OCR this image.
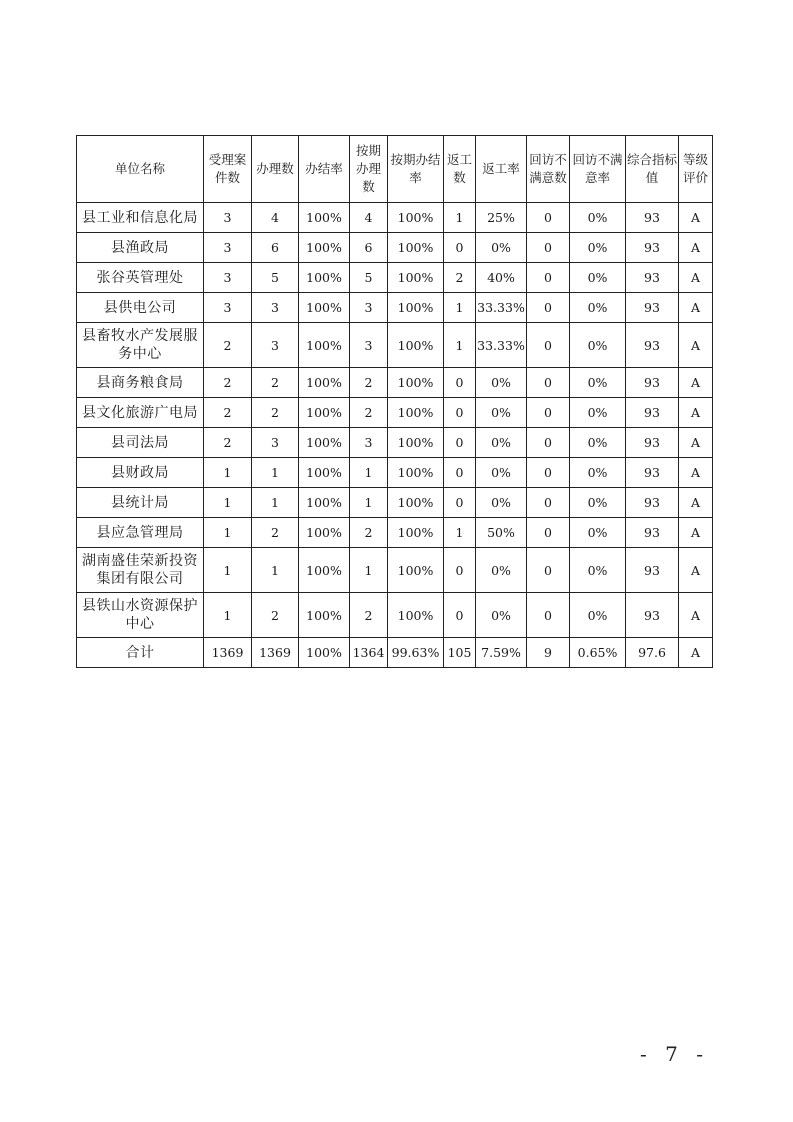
单位名称	受理案件数	办理数	办结率	按期办理数	按期办结率	返工数	返工率	回访不满意数	回访不满意率	综合指标值	等级评价
县工业和信息化局	3	4	100%	4	100%	1	25%	0	0%	93	A
县渔政局	3	6	100%	6	100%	0	0%	0	0%	93	A
张谷英管理处	3	5	100%	5	100%	2	40%	0	0%	93	A
县供电公司	3	3	100%	3	100%	1	33.33%	0	0%	93	A
县畜牧水产发展服务中心	2	3	100%	3	100%	1	33.33%	0	0%	93	A
县商务粮食局	2	2	100%	2	100%	0	0%	0	0%	93	A
县文化旅游广电局	2	2	100%	2	100%	0	0%	0	0%	93	A
县司法局	2	3	100%	3	100%	0	0%	0	0%	93	A
县财政局	1	1	100%	1	100%	0	0%	0	0%	93	A
县统计局	1	1	100%	1	100%	0	0%	0	0%	93	A
县应急管理局	1	2	100%	2	100%	1	50%	0	0%	93	A
湖南盛佳荣新投资集团有限公司	1	1	100%	1	100%	0	0%	0	0%	93	A
县铁山水资源保护中心	1	2	100%	2	100%	0	0%	0	0%	93	A
合计	1369	1369	100%	1364	99.63%	105	7.59%	9	0.65%	97.6	A
- 7 -
